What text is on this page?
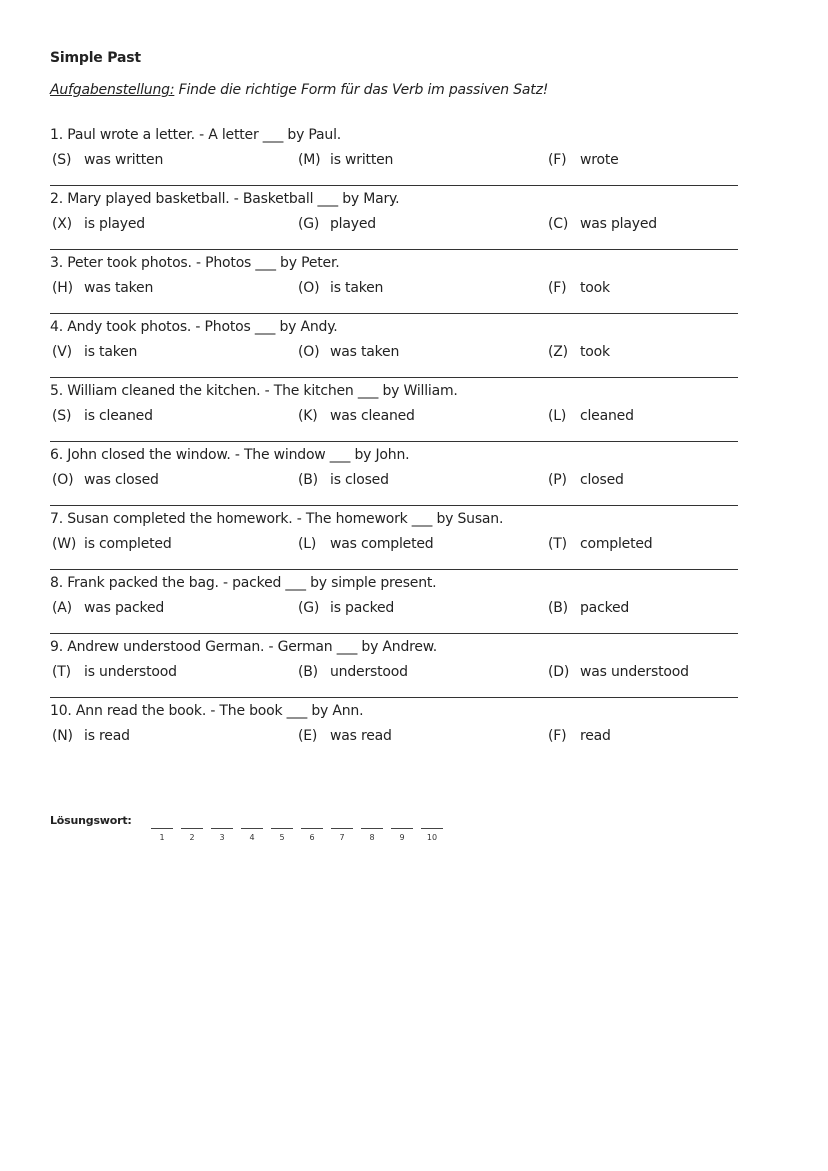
Simple Past
Aufgabenstellung: Finde die richtige Form für das Verb im passiven Satz!
1. Paul wrote a letter. - A letter ___ by Paul.
(S) was written	(M) is written	(F) wrote
2. Mary played basketball. - Basketball ___ by Mary.
(X) is played	(G) played	(C) was played
3. Peter took photos. - Photos ___ by Peter.
(H) was taken	(O) is taken	(F) took
4. Andy took photos. - Photos ___ by Andy.
(V) is taken	(O) was taken	(Z) took
5. William cleaned the kitchen. - The kitchen ___ by William.
(S) is cleaned	(K) was cleaned	(L) cleaned
6. John closed the window. - The window ___ by John.
(O) was closed	(B) is closed	(P) closed
7. Susan completed the homework. - The homework ___ by Susan.
(W) is completed	(L) was completed	(T) completed
8. Frank packed the bag. - packed ___ by simple present.
(A) was packed	(G) is packed	(B) packed
9. Andrew understood German. - German ___ by Andrew.
(T) is understood	(B) understood	(D) was understood
10. Ann read the book. - The book ___ by Ann.
(N) is read	(E) was read	(F) read
Lösungswort:
1	2	3	4	5	6	7	8	9	10
